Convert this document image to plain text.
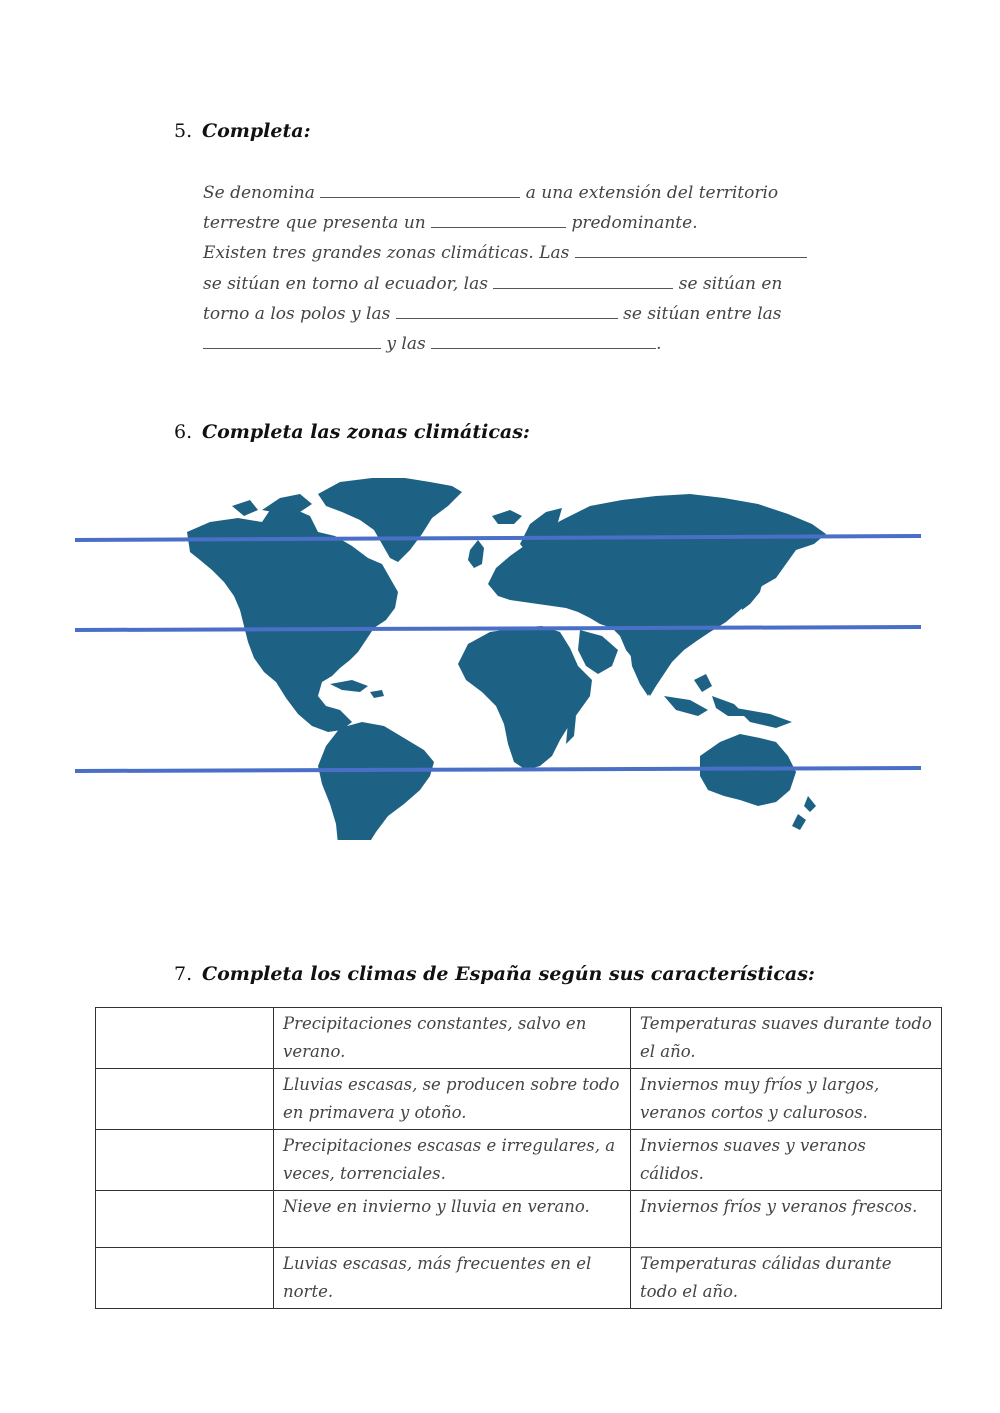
5. Completa:
Se denomina	a una extensión del territorio
terrestre que presenta un	predominante.
Existen tres grandes zonas climáticas. Las
se sitúan en torno al ecuador, las	se sitúan en
torno a los polos y las	se sitúan entre las
y las	.
6. Completa las zonas climáticas:
7. Completa los climas de España según sus características:
	Precipitaciones constantes, salvo en verano.	Temperaturas suaves durante todo el año.
	Lluvias escasas, se producen sobre todo en primavera y otoño.	Inviernos muy fríos y largos, veranos cortos y calurosos.
	Precipitaciones escasas e irregulares, a veces, torrenciales.	Inviernos suaves y veranos cálidos.
	Nieve en invierno y lluvia en verano.	Inviernos fríos y veranos frescos.
	Luvias escasas, más frecuentes en el norte.	Temperaturas cálidas durante todo el año.
